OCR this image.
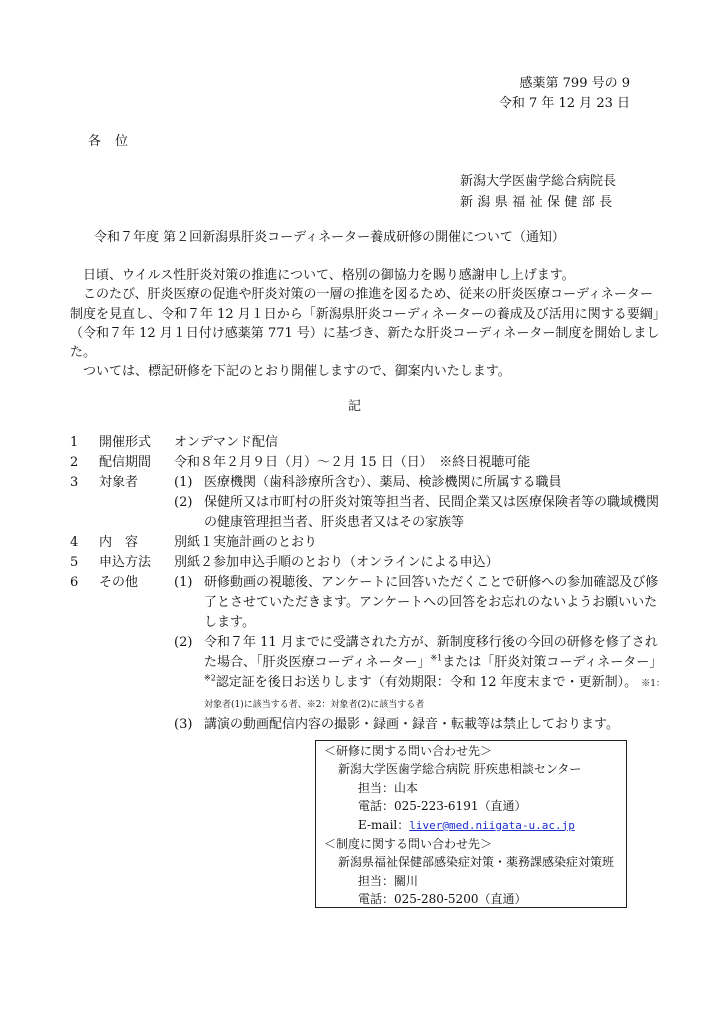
感薬第 799 号の 9
令和 7 年 12 月 23 日
各位
新潟大学医歯学総合病院長
新潟県福祉保健部長
令和７年度 第２回新潟県肝炎コーディネーター養成研修の開催について（通知）

日頃、ウイルス性肝炎対策の推進について、格別の御協力を賜り感謝申し上げます。

このたび、肝炎医療の促進や肝炎対策の一層の推進を図るため、従来の肝炎医療コーディネーター制度を見直し、令和７年 12 月１日から「新潟県肝炎コーディネーターの養成及び活用に関する要綱」（令和７年 12 月１日付け感薬第 771 号）に基づき、新たな肝炎コーディネーター制度を開始しました。

ついては、標記研修を下記のとおり開催しますので、御案内いたします。

記
1	開催形式	オンデマンド配信
2	配信期間	令和８年２月９日（月）～２月 15 日（日）　※終日視聴可能
3	対象者	(1) 医療機関（歯科診療所含む）、薬局、検診機関に所属する職員
(2) 保健所又は市町村の肝炎対策等担当者、民間企業又は医療保険者等の職域機関の健康管理担当者、肝炎患者又はその家族等
4	内容	別紙１実施計画のとおり
5	申込方法	別紙２参加申込手順のとおり（オンラインによる申込）
6	その他	(1) 研修動画の視聴後、アンケートに回答いただくことで研修への参加確認及び修了とさせていただきます。アンケートへの回答をお忘れのないようお願いいたします。
(2) 令和７年 11 月までに受講された方が、新制度移行後の今回の研修を修了された場合、「肝炎医療コーディネーター」$^{※1}$または「肝炎対策コーディネーター」$^{※2}$認定証を後日お送りします（有効期限：令和 12 年度末まで・更新制）。 ※1：対象者(1)に該当する者、※2：対象者(2)に該当する者
(3) 講演の動画配信内容の撮影・録画・録音・転載等は禁止しております。
＜研修に関する問い合わせ先＞
新潟大学医歯学総合病院 肝疾患相談センター
担当：山本
電話：025-223-6191（直通）
E-mail：liver@med.niigata-u.ac.jp
＜制度に関する問い合わせ先＞
新潟県福祉保健部感染症対策・薬務課感染症対策班
担当：關川
電話：025-280-5200（直通）
